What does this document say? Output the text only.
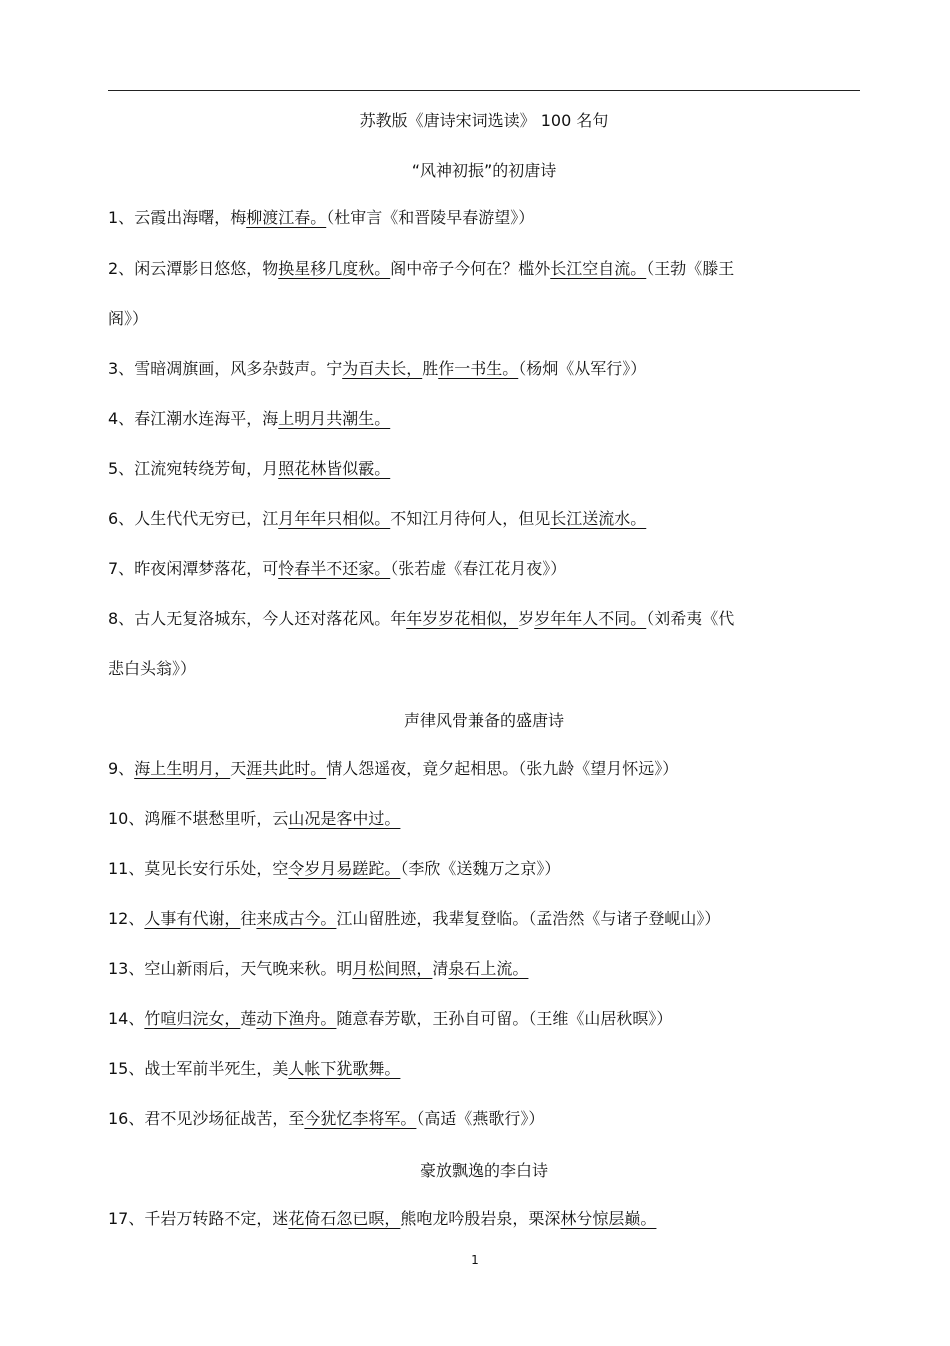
苏教版《唐诗宋词选读》 100 名句
“风神初振”的初唐诗
1、云霞出海曙，梅柳渡江春。（杜审言《和晋陵早春游望》）
2、闲云潭影日悠悠，物换星移几度秋。阁中帝子今何在？槛外长江空自流。（王勃《滕王
阁》）
3、雪暗凋旗画，风多杂鼓声。宁为百夫长，胜作一书生。（杨炯《从军行》）
4、春江潮水连海平，海上明月共潮生。
5、江流宛转绕芳甸，月照花林皆似霰。
6、人生代代无穷已，江月年年只相似。不知江月待何人，但见长江送流水。
7、昨夜闲潭梦落花，可怜春半不还家。（张若虚《春江花月夜》）
8、古人无复洛城东，今人还对落花风。年年岁岁花相似，岁岁年年人不同。（刘希夷《代
悲白头翁》）
声律风骨兼备的盛唐诗
9、海上生明月，天涯共此时。情人怨遥夜，竟夕起相思。（张九龄《望月怀远》）
10、鸿雁不堪愁里听，云山况是客中过。
11、莫见长安行乐处，空令岁月易蹉跎。（李欣《送魏万之京》）
12、人事有代谢，往来成古今。江山留胜迹，我辈复登临。（孟浩然《与诸子登岘山》）
13、空山新雨后，天气晚来秋。明月松间照，清泉石上流。
14、竹喧归浣女，莲动下渔舟。随意春芳歇，王孙自可留。（王维《山居秋暝》）
15、战士军前半死生，美人帐下犹歌舞。
16、君不见沙场征战苦，至今犹忆李将军。（高适《燕歌行》）
豪放飘逸的李白诗
17、千岩万转路不定，迷花倚石忽已暝，熊咆龙吟殷岩泉，栗深林兮惊层巅。
1
